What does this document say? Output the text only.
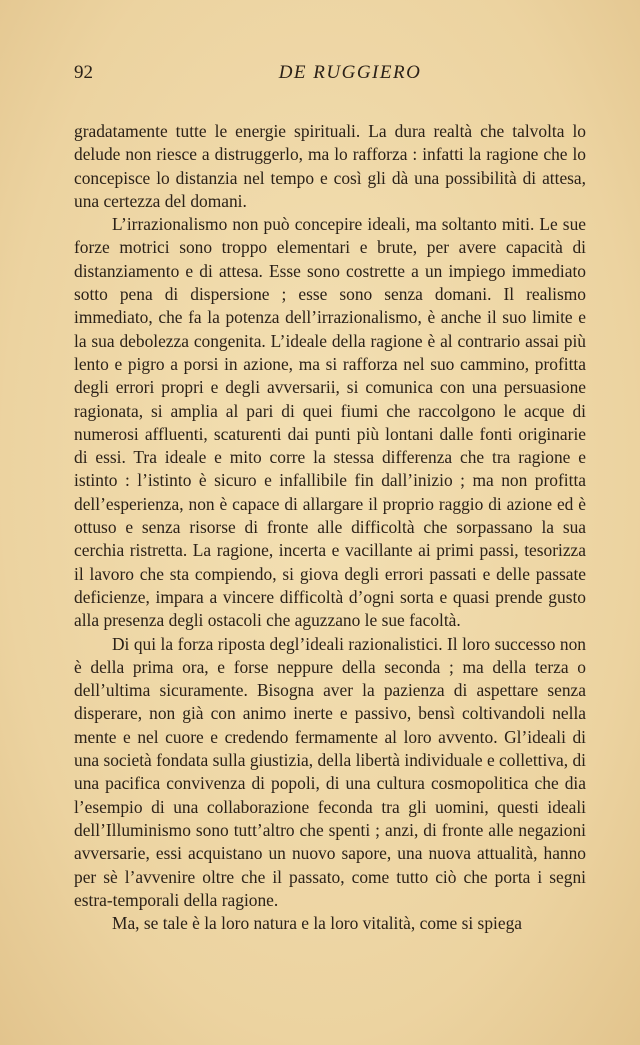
92	DE RUGGIERO

gradatamente tutte le energie spirituali. La dura realtà che talvolta lo delude non riesce a distruggerlo, ma lo rafforza : infatti la ragione che lo concepisce lo distanzia nel tempo e così gli dà una possibilità di attesa, una certezza del domani.

L’irrazionalismo non può concepire ideali, ma soltanto miti. Le sue forze motrici sono troppo elementari e brute, per avere capacità di distanziamento e di attesa. Esse sono costrette a un impiego immediato sotto pena di dispersione ; esse sono senza domani. Il realismo immediato, che fa la potenza dell’irrazionalismo, è anche il suo limite e la sua debolezza congenita. L’ideale della ragione è al contrario assai più lento e pigro a porsi in azione, ma si rafforza nel suo cammino, profitta degli errori propri e degli avversarii, si comunica con una persuasione ragionata, si amplia al pari di quei fiumi che raccolgono le acque di numerosi affluenti, scaturenti dai punti più lontani dalle fonti originarie di essi. Tra ideale e mito corre la stessa differenza che tra ragione e istinto : l’istinto è sicuro e infallibile fin dall’inizio ; ma non profitta dell’esperienza, non è capace di allargare il proprio raggio di azione ed è ottuso e senza risorse di fronte alle difficoltà che sorpassano la sua cerchia ristretta. La ragione, incerta e vacillante ai primi passi, tesorizza il lavoro che sta compiendo, si giova degli errori passati e delle passate deficienze, impara a vincere difficoltà d’ogni sorta e quasi prende gusto alla presenza degli ostacoli che aguzzano le sue facoltà.

Di qui la forza riposta degl’ideali razionalistici. Il loro successo non è della prima ora, e forse neppure della seconda ; ma della terza o dell’ultima sicuramente. Bisogna aver la pazienza di aspettare senza disperare, non già con animo inerte e passivo, bensì coltivandoli nella mente e nel cuore e credendo fermamente al loro avvento. Gl’ideali di una società fondata sulla giustizia, della libertà individuale e collettiva, di una pacifica convivenza di popoli, di una cultura cosmopolitica che dia l’esempio di una collaborazione feconda tra gli uomini, questi ideali dell’Illuminismo sono tutt’altro che spenti ; anzi, di fronte alle negazioni avversarie, essi acquistano un nuovo sapore, una nuova attualità, hanno per sè l’avvenire oltre che il passato, come tutto ciò che porta i segni estra-temporali della ragione.

Ma, se tale è la loro natura e la loro vitalità, come si spiega
